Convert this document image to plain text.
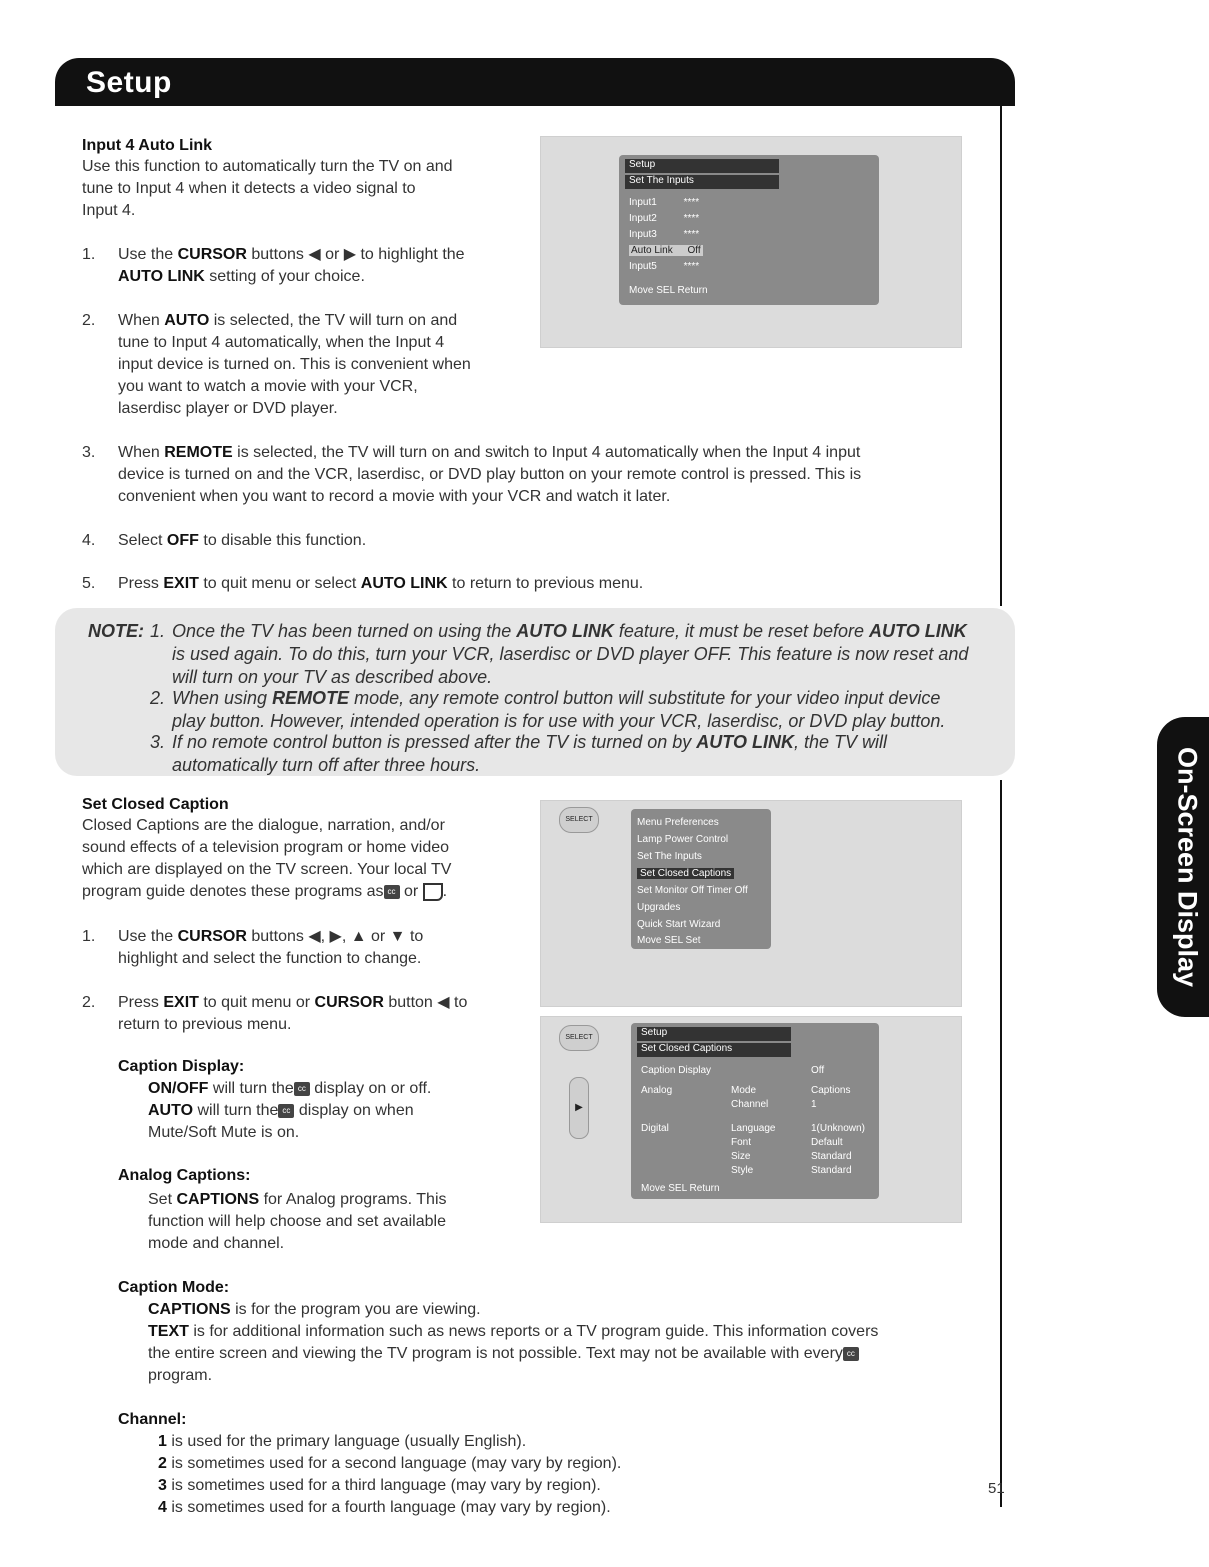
Setup
On-Screen Display
Input 4 Auto Link
Use this function to automatically turn the TV on and
tune to Input 4 when it detects a video signal to
Input 4.
1. Use the CURSOR buttons ◀ or ▶ to highlight the
AUTO LINK setting of your choice.
2. When AUTO is selected, the TV will turn on and
tune to Input 4 automatically, when the Input 4
input device is turned on. This is convenient when
you want to watch a movie with your VCR,
laserdisc player or DVD player.
3. When REMOTE is selected, the TV will turn on and switch to Input 4 automatically when the Input 4 input
device is turned on and the VCR, laserdisc, or DVD play button on your remote control is pressed. This is
convenient when you want to record a movie with your VCR and watch it later.
4. Select OFF to disable this function.
5. Press EXIT to quit menu or select AUTO LINK to return to previous menu.
Setup
Set The Inputs
Input1	****
Input2	****
Input3	****
Auto Link Off
Input5	****
Move SEL Return
NOTE: 1. Once the TV has been turned on using the AUTO LINK feature, it must be reset before AUTO LINK
is used again. To do this, turn your VCR, laserdisc or DVD player OFF. This feature is now reset and
will turn on your TV as described above.
2. When using REMOTE mode, any remote control button will substitute for your video input device
play button. However, intended operation is for use with your VCR, laserdisc, or DVD play button.
3. If no remote control button is pressed after the TV is turned on by AUTO LINK, the TV will
automatically turn off after three hours.
Set Closed Caption
Closed Captions are the dialogue, narration, and/or
sound effects of a television program or home video
which are displayed on the TV screen. Your local TV
program guide denotes these programs as cc or .
1. Use the CURSOR buttons ◀, ▶, ▲ or ▼ to
highlight and select the function to change.
2. Press EXIT to quit menu or CURSOR button ◀ to
return to previous menu.
Caption Display:
ON/OFF will turn the cc display on or off.
AUTO will turn the cc display on when
Mute/Soft Mute is on.
Analog Captions:
Set CAPTIONS for Analog programs. This
function will help choose and set available
mode and channel.
Caption Mode:
CAPTIONS is for the program you are viewing.
TEXT is for additional information such as news reports or a TV program guide. This information covers
the entire screen and viewing the TV program is not possible. Text may not be available with every cc
program.
Channel:
1 is used for the primary language (usually English).
2 is sometimes used for a second language (may vary by region).
3 is sometimes used for a third language (may vary by region).
4 is sometimes used for a fourth language (may vary by region).
SELECT	Menu Preferences
Lamp Power Control
Set The Inputs
Set Closed Captions
Set Monitor Off Timer Off
Upgrades
Quick Start Wizard
Move SEL Set
SELECT
▶
Setup
Set Closed Captions
Caption Display	Off
Analog	Mode	Captions
Channel	1
Digital	Language	1(Unknown)
Font	Default
Size	Standard
Style	Standard
Move SEL Return
51
